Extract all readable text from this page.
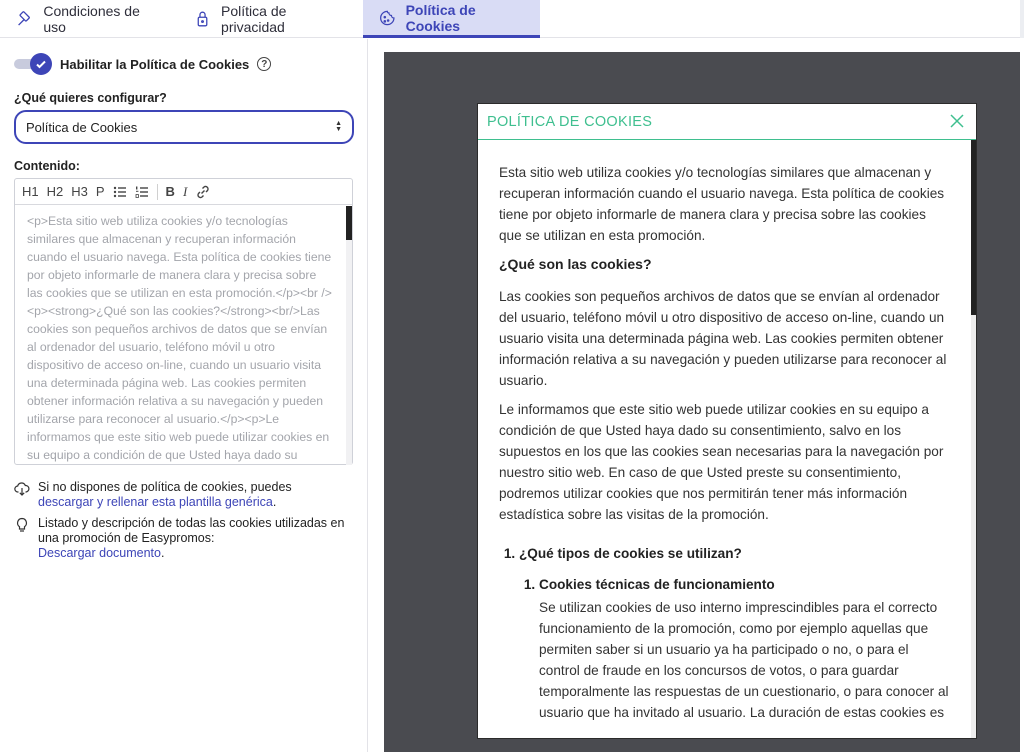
Condiciones de uso
Política de privacidad
Política de Cookies
Habilitar la Política de Cookies	?
¿Qué quieres configurar?
Política de Cookies	▲
▼
Contenido:
H1 H2 H3 P	B I
<p>Esta sitio web utiliza cookies y/o tecnologías similares que almacenan y recuperan información cuando el usuario navega. Esta política de cookies tiene por objeto informarle de manera clara y precisa sobre las cookies que se utilizan en esta promoción.</p><br /><p><strong>¿Qué son las cookies?</strong><br/>Las cookies son pequeños archivos de datos que se envían al ordenador del usuario, teléfono móvil u otro dispositivo de acceso on-line, cuando un usuario visita una determinada página web. Las cookies permiten obtener información relativa a su navegación y pueden utilizarse para reconocer al usuario.</p><p>Le informamos que este sitio web puede utilizar cookies en su equipo a condición de que Usted haya dado su
Si no dispones de política de cookies, puedes
descargar y rellenar esta plantilla genérica.
Listado y descripción de todas las cookies utilizadas en una promoción de Easypromos:
Descargar documento.
POLÍTICA DE COOKIES

Esta sitio web utiliza cookies y/o tecnologías similares que almacenan y recuperan información cuando el usuario navega. Esta política de cookies tiene por objeto informarle de manera clara y precisa sobre las cookies que se utilizan en esta promoción.

¿Qué son las cookies?

Las cookies son pequeños archivos de datos que se envían al ordenador del usuario, teléfono móvil u otro dispositivo de acceso on-line, cuando un usuario visita una determinada página web. Las cookies permiten obtener información relativa a su navegación y pueden utilizarse para reconocer al usuario.

Le informamos que este sitio web puede utilizar cookies en su equipo a condición de que Usted haya dado su consentimiento, salvo en los supuestos en los que las cookies sean necesarias para la navegación por nuestro sitio web. En caso de que Usted preste su consentimiento, podremos utilizar cookies que nos permitirán tener más información estadística sobre las visitas de la promoción.

1. ¿Qué tipos de cookies se utilizan?
1. Cookies técnicas de funcionamiento
Se utilizan cookies de uso interno imprescindibles para el correcto funcionamiento de la promoción, como por ejemplo aquellas que permiten saber si un usuario ya ha participado o no, o para el control de fraude en los concursos de votos, o para guardar temporalmente las respuestas de un cuestionario, o para conocer al usuario que ha invitado al usuario. La duración de estas cookies es
